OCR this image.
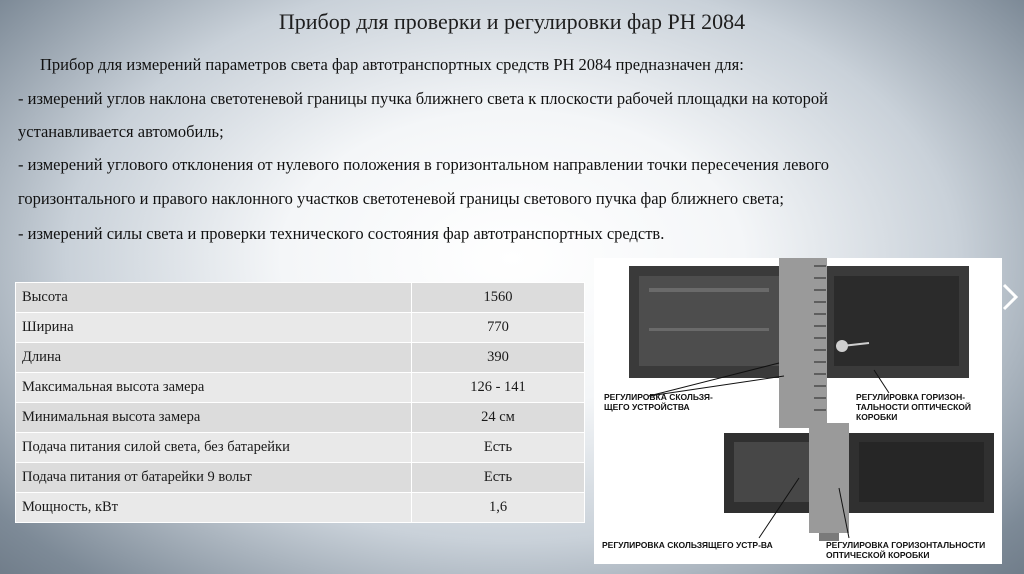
Прибор для проверки и регулировки фар РН 2084
Прибор для измерений параметров света фар автотранспортных средств РН 2084 предназначен для:
- измерений углов наклона светотеневой границы пучка ближнего света к плоскости рабочей площадки на которой
устанавливается автомобиль;
- измерений углового отклонения от нулевого положения в горизонтальном направлении точки пересечения левого
горизонтального и правого наклонного участков светотеневой границы светового пучка фар ближнего света;
- измерений силы света и проверки технического состояния фар автотранспортных средств.
Высота	1560
Ширина	770
Длина	390
Максимальная высота замера	126 - 141
Минимальная высота замера	24 см
Подача питания силой света, без батарейки	Есть
Подача питания от батарейки 9 вольт	Есть
Мощность, кВт	1,6
РЕГУЛИРОВКА СКОЛЬЗЯ-
ЩЕГО УСТРОЙСТВА
РЕГУЛИРОВКА ГОРИЗОН-
ТАЛЬНОСТИ ОПТИЧЕСКОЙ
КОРОБКИ
РЕГУЛИРОВКА СКОЛЬЗЯЩЕГО УСТР-ВА	РЕГУЛИРОВКА ГОРИЗОНТАЛЬНОСТИ
ОПТИЧЕСКОЙ КОРОБКИ
